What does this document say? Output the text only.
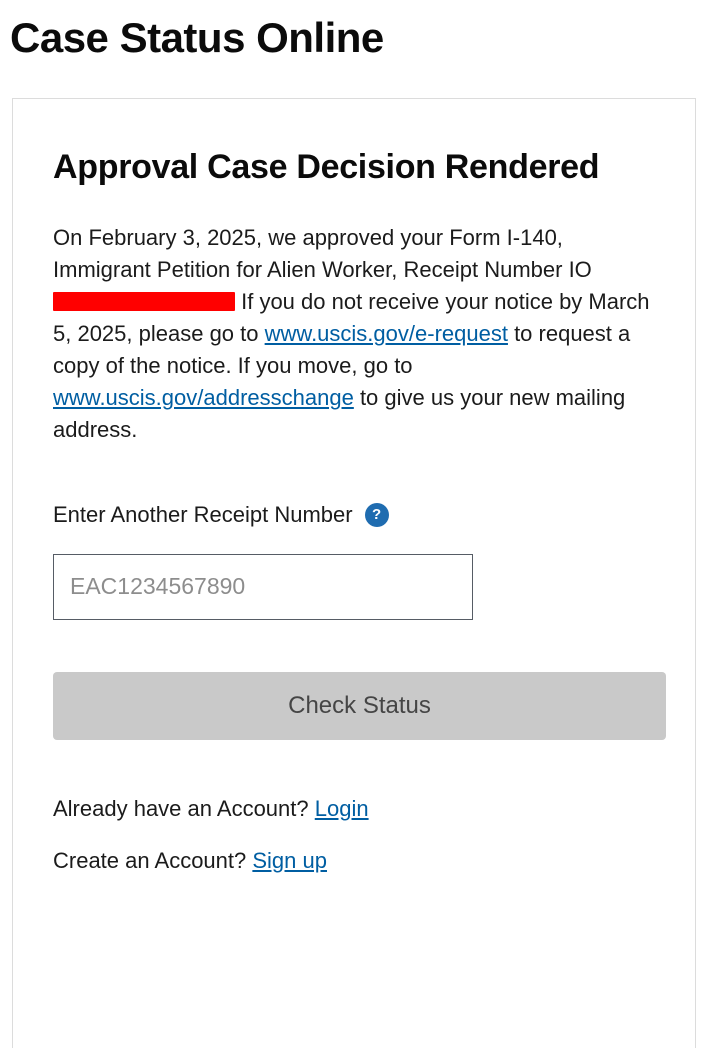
Case Status Online
Approval Case Decision Rendered

On February 3, 2025, we approved your Form I-140, Immigrant Petition for Alien Worker, Receipt Number IO If you do not receive your notice by March 5, 2025, please go to www.uscis.gov/e-request to request a copy of the notice. If you move, go to www.uscis.gov/addresschange to give us your new mailing address.

Enter Another Receipt Number	?
EAC1234567890
Check Status
Already have an Account? Login
Create an Account? Sign up
